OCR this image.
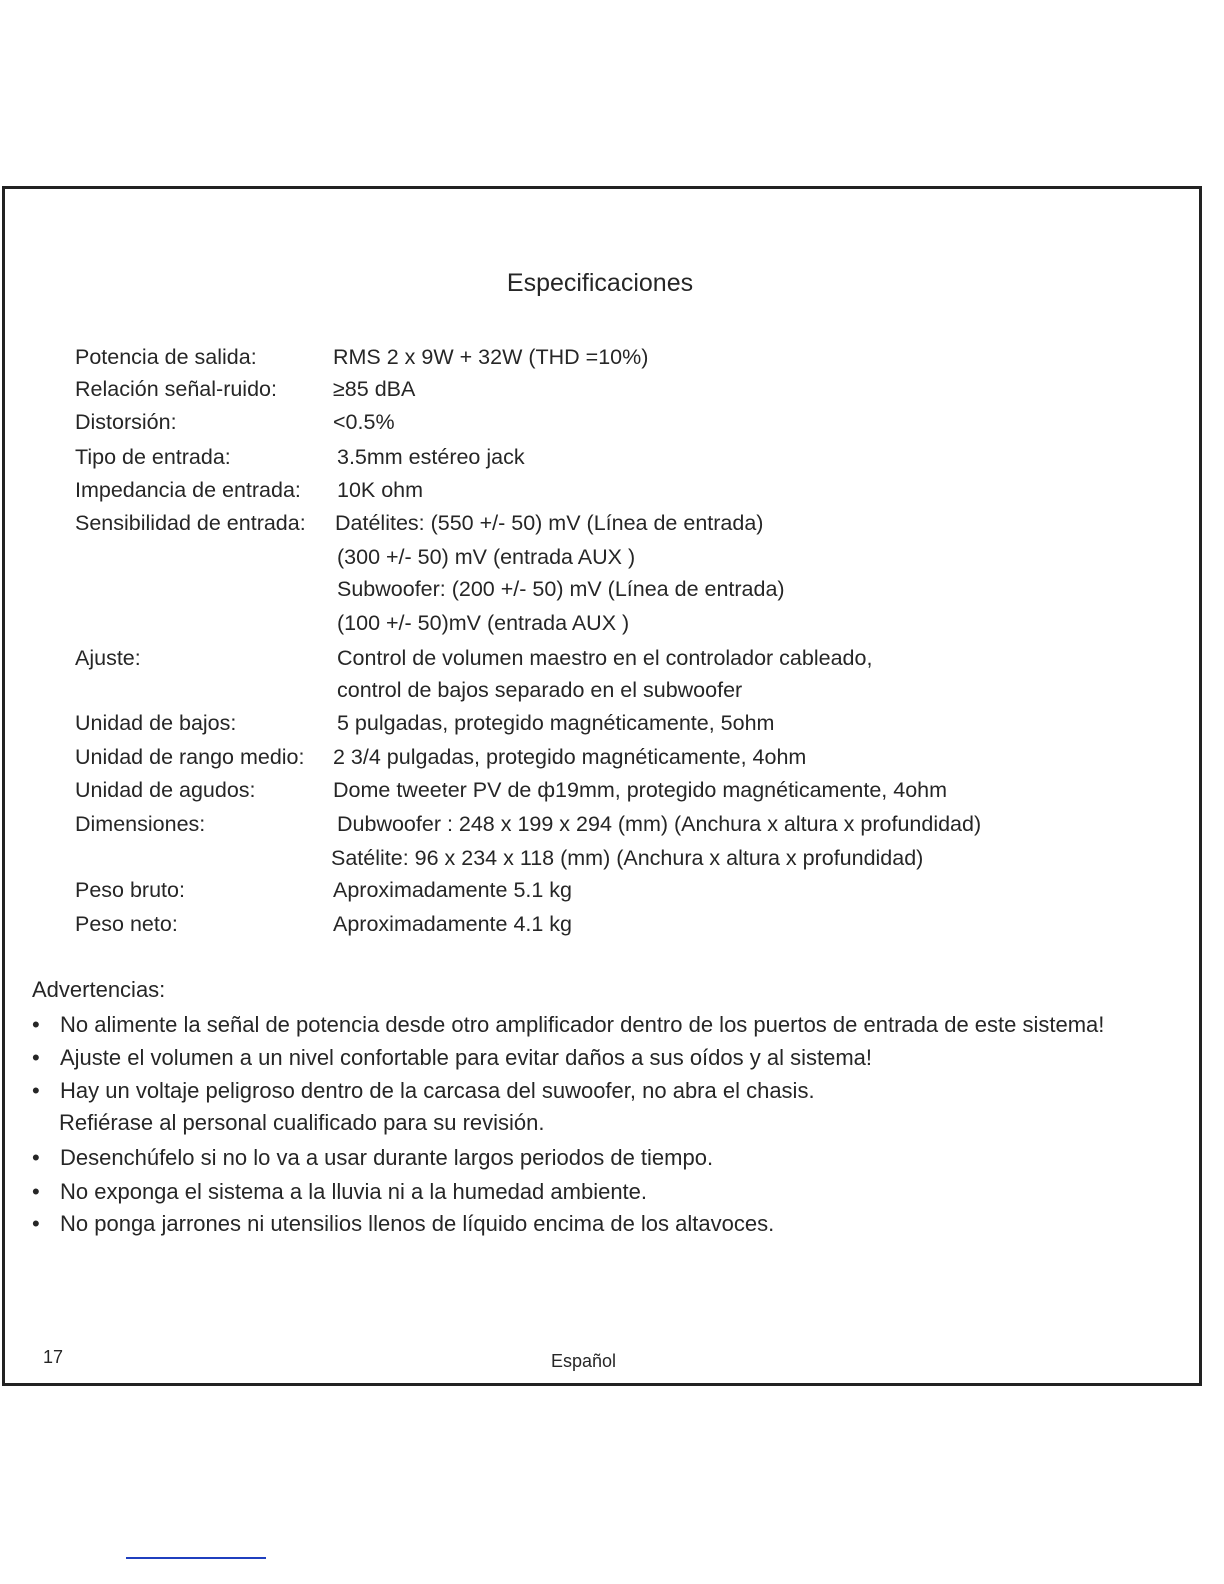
Especificaciones
Potencia de salida:	RMS 2 x 9W + 32W (THD =10%)
Relación señal-ruido:	≥85 dBA
Distorsión:	<0.5%
Tipo de entrada:	3.5mm estéreo jack
Impedancia de entrada: 10K ohm
Sensibilidad de entrada: Datélites: (550 +/- 50) mV (Línea de entrada)
(300 +/- 50) mV (entrada AUX )
Subwoofer: (200 +/- 50) mV (Línea de entrada)
(100 +/- 50)mV (entrada AUX )
Ajuste:	Control de volumen maestro en el controlador cableado,
control de bajos separado en el subwoofer
Unidad de bajos:	5 pulgadas, protegido magnéticamente, 5ohm
Unidad de rango medio: 2 3/4 pulgadas, protegido magnéticamente, 4ohm
Unidad de agudos:	Dome tweeter PV de ф19mm, protegido magnéticamente, 4ohm
Dimensiones:	Dubwoofer : 248 x 199 x 294 (mm) (Anchura x altura x profundidad)
Satélite: 96 x 234 x 118 (mm) (Anchura x altura x profundidad)
Peso bruto:	Aproximadamente 5.1 kg
Peso neto:	Aproximadamente 4.1 kg
Advertencias:
• No alimente la señal de potencia desde otro amplificador dentro de los puertos de entrada de este sistema!
• Ajuste el volumen a un nivel confortable para evitar daños a sus oídos y al sistema!
• Hay un voltaje peligroso dentro de la carcasa del suwoofer, no abra el chasis.
Refiérase al personal cualificado para su revisión.
• Desenchúfelo si no lo va a usar durante largos periodos de tiempo.
• No exponga el sistema a la lluvia ni a la humedad ambiente.
• No ponga jarrones ni utensilios llenos de líquido encima de los altavoces.
17	Español
